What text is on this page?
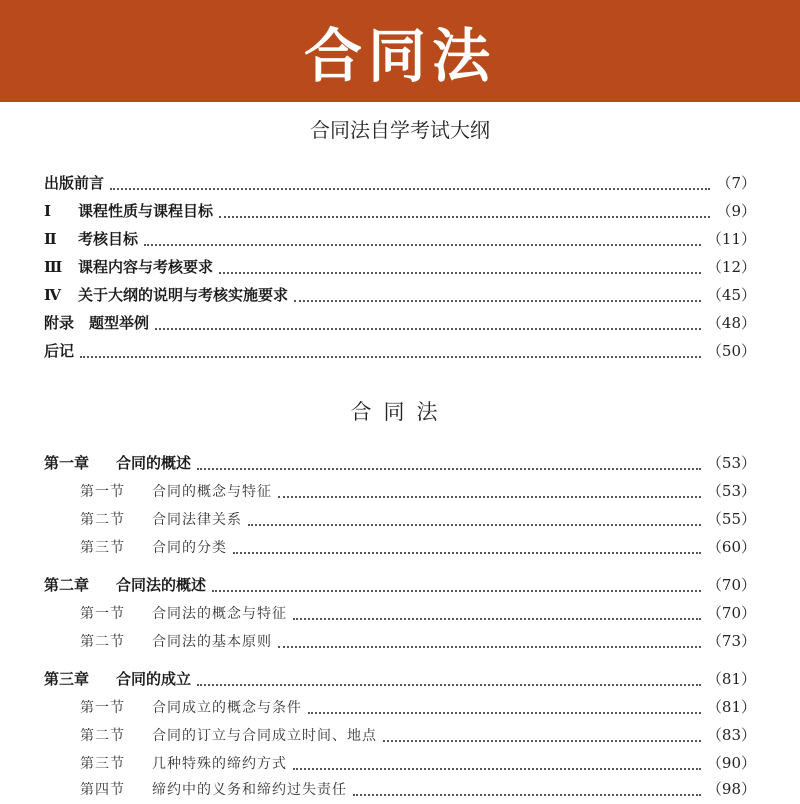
合同法
合同法自学考试大纲
出版前言	（7）
Ⅰ 课程性质与课程目标	（9）
Ⅱ 考核目标	（11）
Ⅲ 课程内容与考核要求	（12）
Ⅳ 关于大纲的说明与考核实施要求	（45）
附录　题型举例	（48）
后记	（50）
合同法
第一章 合同的概述	（53）
第一节 合同的概念与特征	（53）
第二节 合同法律关系	（55）
第三节 合同的分类	（60）
第二章 合同法的概述	（70）
第一节 合同法的概念与特征	（70）
第二节 合同法的基本原则	（73）
第三章 合同的成立	（81）
第一节 合同成立的概念与条件	（81）
第二节 合同的订立与合同成立时间、地点	（83）
第三节 几种特殊的缔约方式	（90）
第四节 缔约中的义务和缔约过失责任	（98）
